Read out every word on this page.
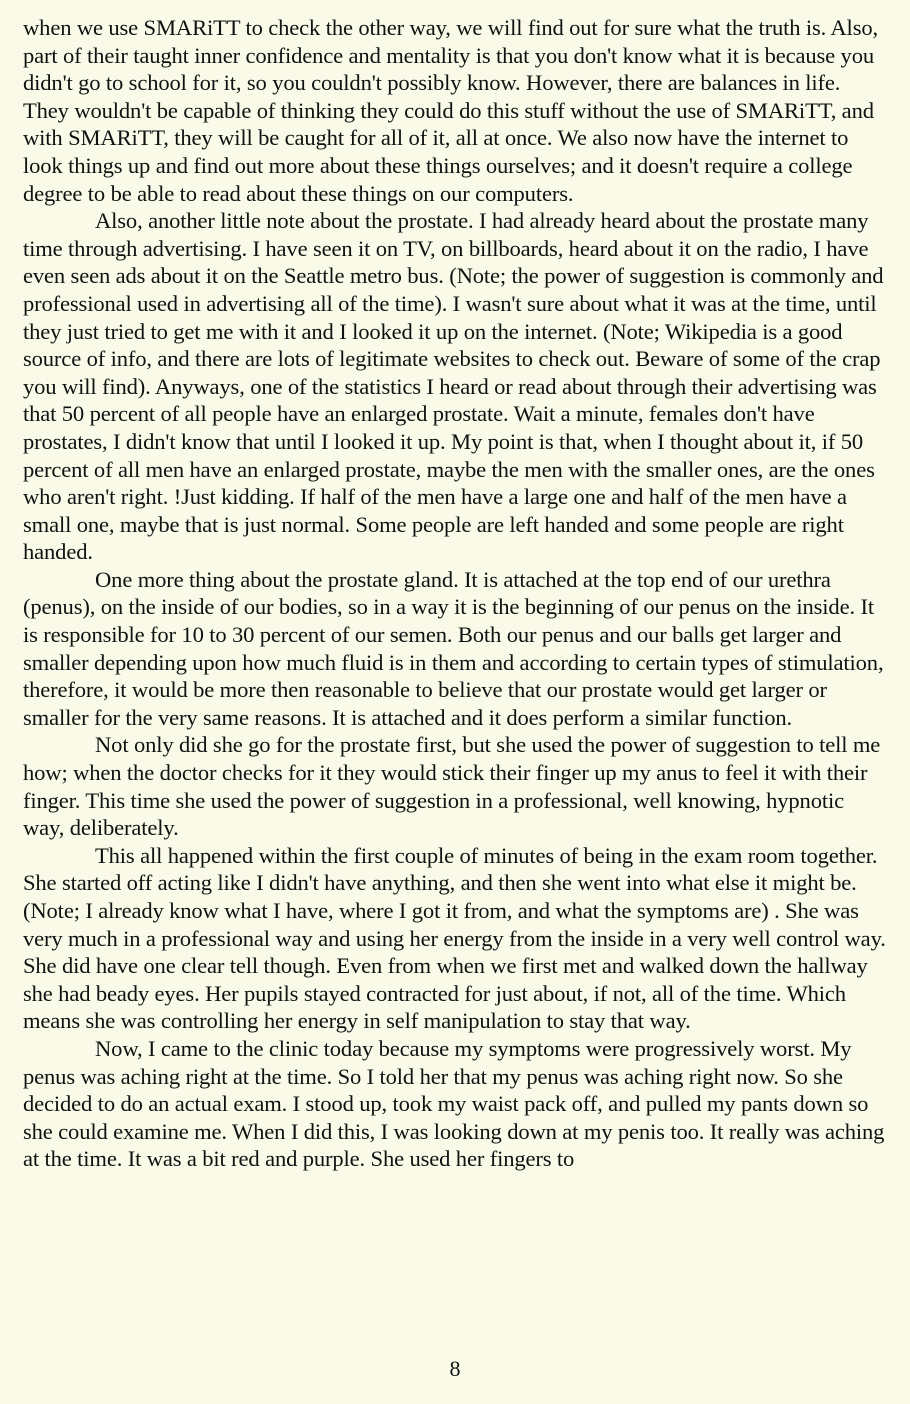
when we use SMARiTT to check the other way, we will find out for sure what the truth is. Also, part of their taught inner confidence and mentality is that you don't know what it is because you didn't go to school for it, so you couldn't possibly know. However, there are balances in life. They wouldn't be capable of thinking they could do this stuff without the use of SMARiTT, and with SMARiTT, they will be caught for all of it, all at once. We also now have the internet to look things up and find out more about these things ourselves; and it doesn't require a college degree to be able to read about these things on our computers.

Also, another little note about the prostate. I had already heard about the prostate many time through advertising. I have seen it on TV, on billboards, heard about it on the radio, I have even seen ads about it on the Seattle metro bus. (Note; the power of suggestion is commonly and professional used in advertising all of the time). I wasn't sure about what it was at the time, until they just tried to get me with it and I looked it up on the internet. (Note; Wikipedia is a good source of info, and there are lots of legitimate websites to check out. Beware of some of the crap you will find). Anyways, one of the statistics I heard or read about through their advertising was that 50 percent of all people have an enlarged prostate. Wait a minute, females don't have prostates, I didn't know that until I looked it up. My point is that, when I thought about it, if 50 percent of all men have an enlarged prostate, maybe the men with the smaller ones, are the ones who aren't right. !Just kidding. If half of the men have a large one and half of the men have a small one, maybe that is just normal. Some people are left handed and some people are right handed.

One more thing about the prostate gland. It is attached at the top end of our urethra (penus), on the inside of our bodies, so in a way it is the beginning of our penus on the inside. It is responsible for 10 to 30 percent of our semen. Both our penus and our balls get larger and smaller depending upon how much fluid is in them and according to certain types of stimulation, therefore, it would be more then reasonable to believe that our prostate would get larger or smaller for the very same reasons. It is attached and it does perform a similar function.

Not only did she go for the prostate first, but she used the power of suggestion to tell me how; when the doctor checks for it they would stick their finger up my anus to feel it with their finger. This time she used the power of suggestion in a professional, well knowing, hypnotic way, deliberately.

This all happened within the first couple of minutes of being in the exam room together. She started off acting like I didn't have anything, and then she went into what else it might be. (Note; I already know what I have, where I got it from, and what the symptoms are) . She was very much in a professional way and using her energy from the inside in a very well control way. She did have one clear tell though. Even from when we first met and walked down the hallway she had beady eyes. Her pupils stayed contracted for just about, if not, all of the time. Which means she was controlling her energy in self manipulation to stay that way.

Now, I came to the clinic today because my symptoms were progressively worst. My penus was aching right at the time. So I told her that my penus was aching right now. So she decided to do an actual exam. I stood up, took my waist pack off, and pulled my pants down so she could examine me. When I did this, I was looking down at my penis too. It really was aching at the time. It was a bit red and purple. She used her fingers to

8
